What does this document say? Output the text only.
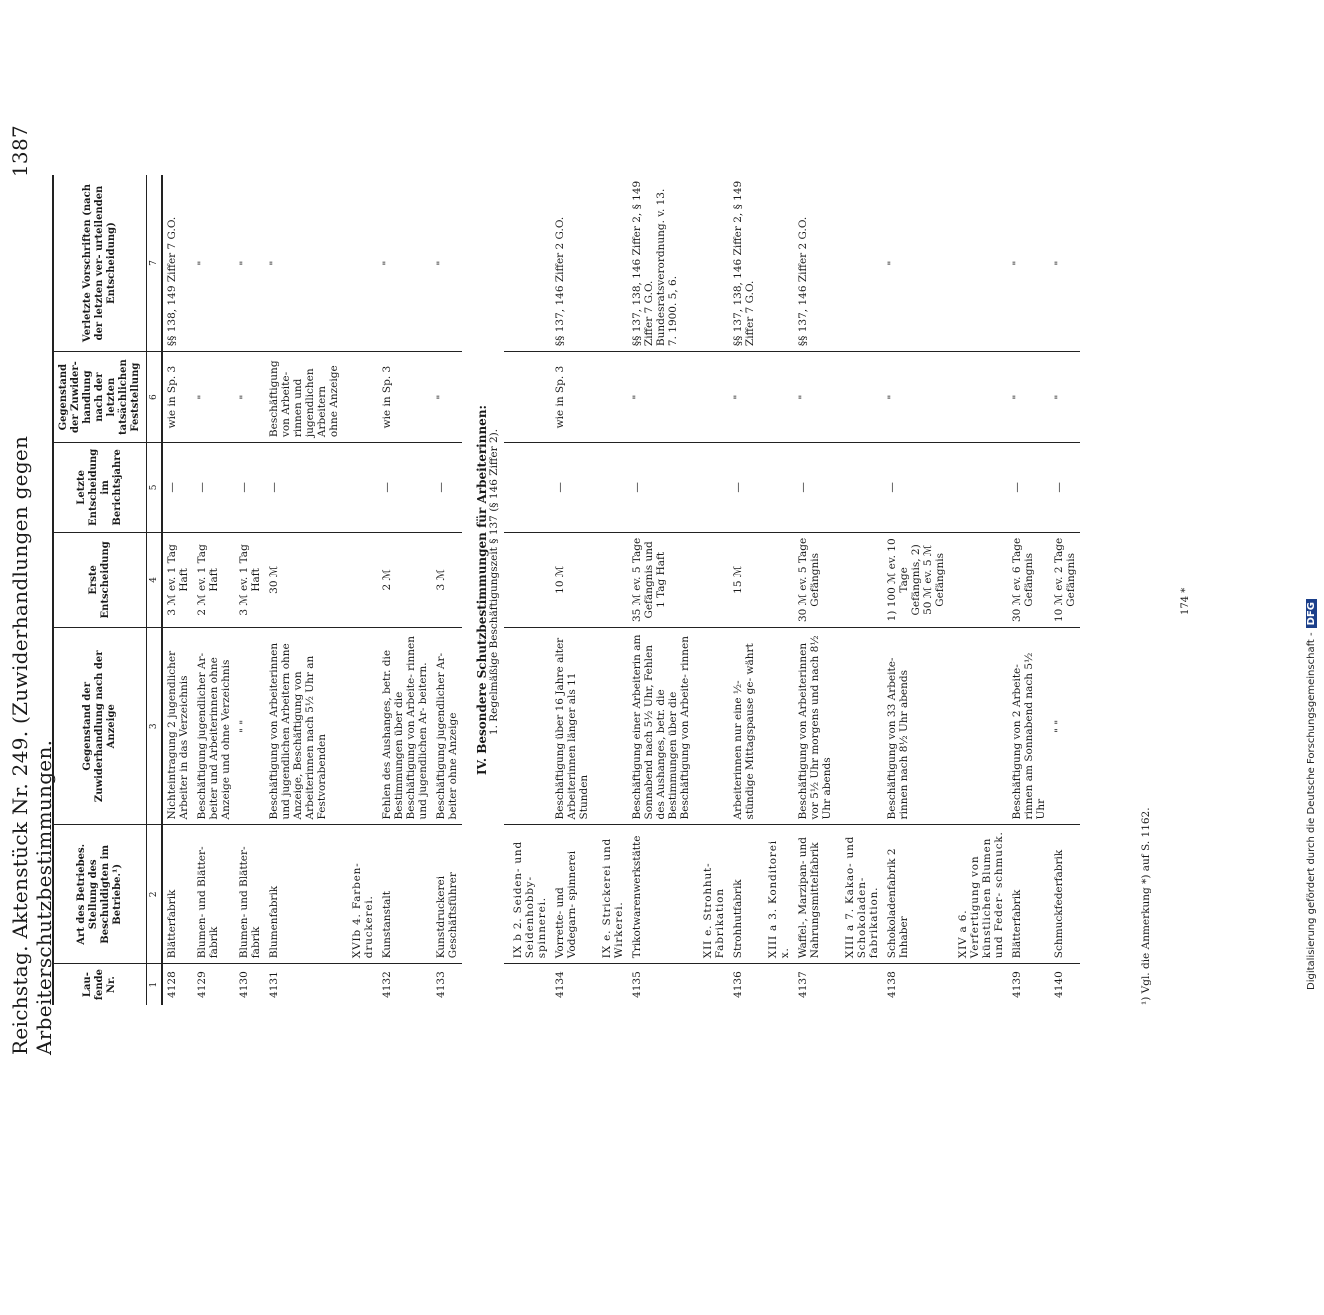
Reichstag. Aktenstück Nr. 249. (Zuwiderhandlungen gegen Arbeiterschutzbestimmungen.
1387
Lau- fende Nr.	Art des Betriebes. Stellung des Beschuldigten im Betriebe.¹)	Gegenstand der Zuwiderhandlung nach der Anzeige	Erste Entscheidung	Letzte Entscheidung im Berichtsjahre	Gegenstand der Zuwider- handlung nach der letzten tatsächlichen Feststellung	Verletzte Vorschriften (nach der letzten ver- urteilenden Entscheidung)
1	2	3	4	5	6	7
4128	Blätterfabrik	Nichteintragung 2 jugendlicher Arbeiter in das Verzeichnis	3 ℳ ev. 1 Tag Haft	—	wie in Sp. 3	§§ 138, 149 Ziffer 7 G.O.
4129	Blumen- und Blätter- fabrik	Beschäftigung jugendlicher Ar- beiter und Arbeiterinnen ohne Anzeige und ohne Verzeichnis	2 ℳ ev. 1 Tag Haft	—	"	"
4130	Blumen- und Blätter- fabrik	" "	3 ℳ ev. 1 Tag Haft	—	"	"
4131	Blumenfabrik	Beschäftigung von Arbeiterinnen und jugendlichen Arbeitern ohne Anzeige, Beschäftigung von Arbeiterinnen nach 5½ Uhr an Festvorabenden	30 ℳ	—	Beschäftigung von Arbeite- rinnen und jugendlichen Arbeitern ohne Anzeige	"
	XVIb 4. Farben- druckerei.					
4132	Kunstanstalt	Fehlen des Aushanges, betr. die Bestimmungen über die Beschäftigung von Arbeite- rinnen und jugendlichen Ar- beitern.	2 ℳ	—	wie in Sp. 3	"
4133	Kunstdruckerei Geschäftsführer	Beschäftigung jugendlicher Ar- beiter ohne Anzeige	3 ℳ	—	"	"

IV. Besondere Schutzbestimmungen für Arbeiterinnen: 1. Regelmäßige Beschäftigungszeit § 137 (§ 146 Ziffer 2).						

	IX b 2. Seiden- und Seidenhobby- spinnerei.					
4134	Vorrette- und Vodegarn- spinnerei	Beschäftigung über 16 Jahre alter Arbeiterinnen länger als 11 Stunden	10 ℳ	—	wie in Sp. 3	§§ 137, 146 Ziffer 2 G.O.
	IX e. Strickerei und Wirkerei.					
4135	Trikotwarenwerkstätte	Beschäftigung einer Arbeiterin am Sonnabend nach 5½ Uhr, Fehlen des Aushanges, betr. die Bestimmungen über die Beschäftigung von Arbeite- rinnen	35 ℳ ev. 5 Tage Gefängnis und 1 Tag Haft	—	"	§§ 137, 138, 146 Ziffer 2, § 149 Ziffer 7 G.O. Bundesratsverordnung. v. 13. 7. 1900. 5, 6.
	XII e. Strohhut- Fabrikation					
4136	Strohhutfabrik	Arbeiterinnen nur eine ½- stündige Mittagspause ge- währt	15 ℳ	—	"	§§ 137, 138, 146 Ziffer 2, § 149 Ziffer 7 G.O.
	XIII a 3. Konditorei x.					
4137	Waffel-, Marzipan- und Nahrungsmittelfabrik	Beschäftigung von Arbeiterinnen vor 5½ Uhr morgens und nach 8½ Uhr abends	30 ℳ ev. 5 Tage Gefängnis	—	"	§§ 137, 146 Ziffer 2 G.O.
	XIII a 7. Kakao- und Schokoladen- fabrikation.					
4138	Schokoladenfabrik 2 Inhaber	Beschäftigung von 33 Arbeite- rinnen nach 8½ Uhr abends	1) 100 ℳ ev. 10 Tage Gefängnis, 2) 50 ℳ ev. 5 ℳ Gefängnis	—	"	"
	XIV a 6. Verfertigung von künstlichen Blumen und Feder- schmuck.					
4139	Blätterfabrik	Beschäftigung von 2 Arbeite- rinnen am Sonnabend nach 5½ Uhr	30 ℳ ev. 6 Tage Gefängnis	—	"	"
4140	Schmuckfederfabrik	" "	10 ℳ ev. 2 Tage Gefängnis	—	"	"
¹) Vgl. die Anmerkung *) auf S. 1162.
174 *
Digitalisierung gefördert durch die Deutsche Forschungsgemeinschaft -DFG
